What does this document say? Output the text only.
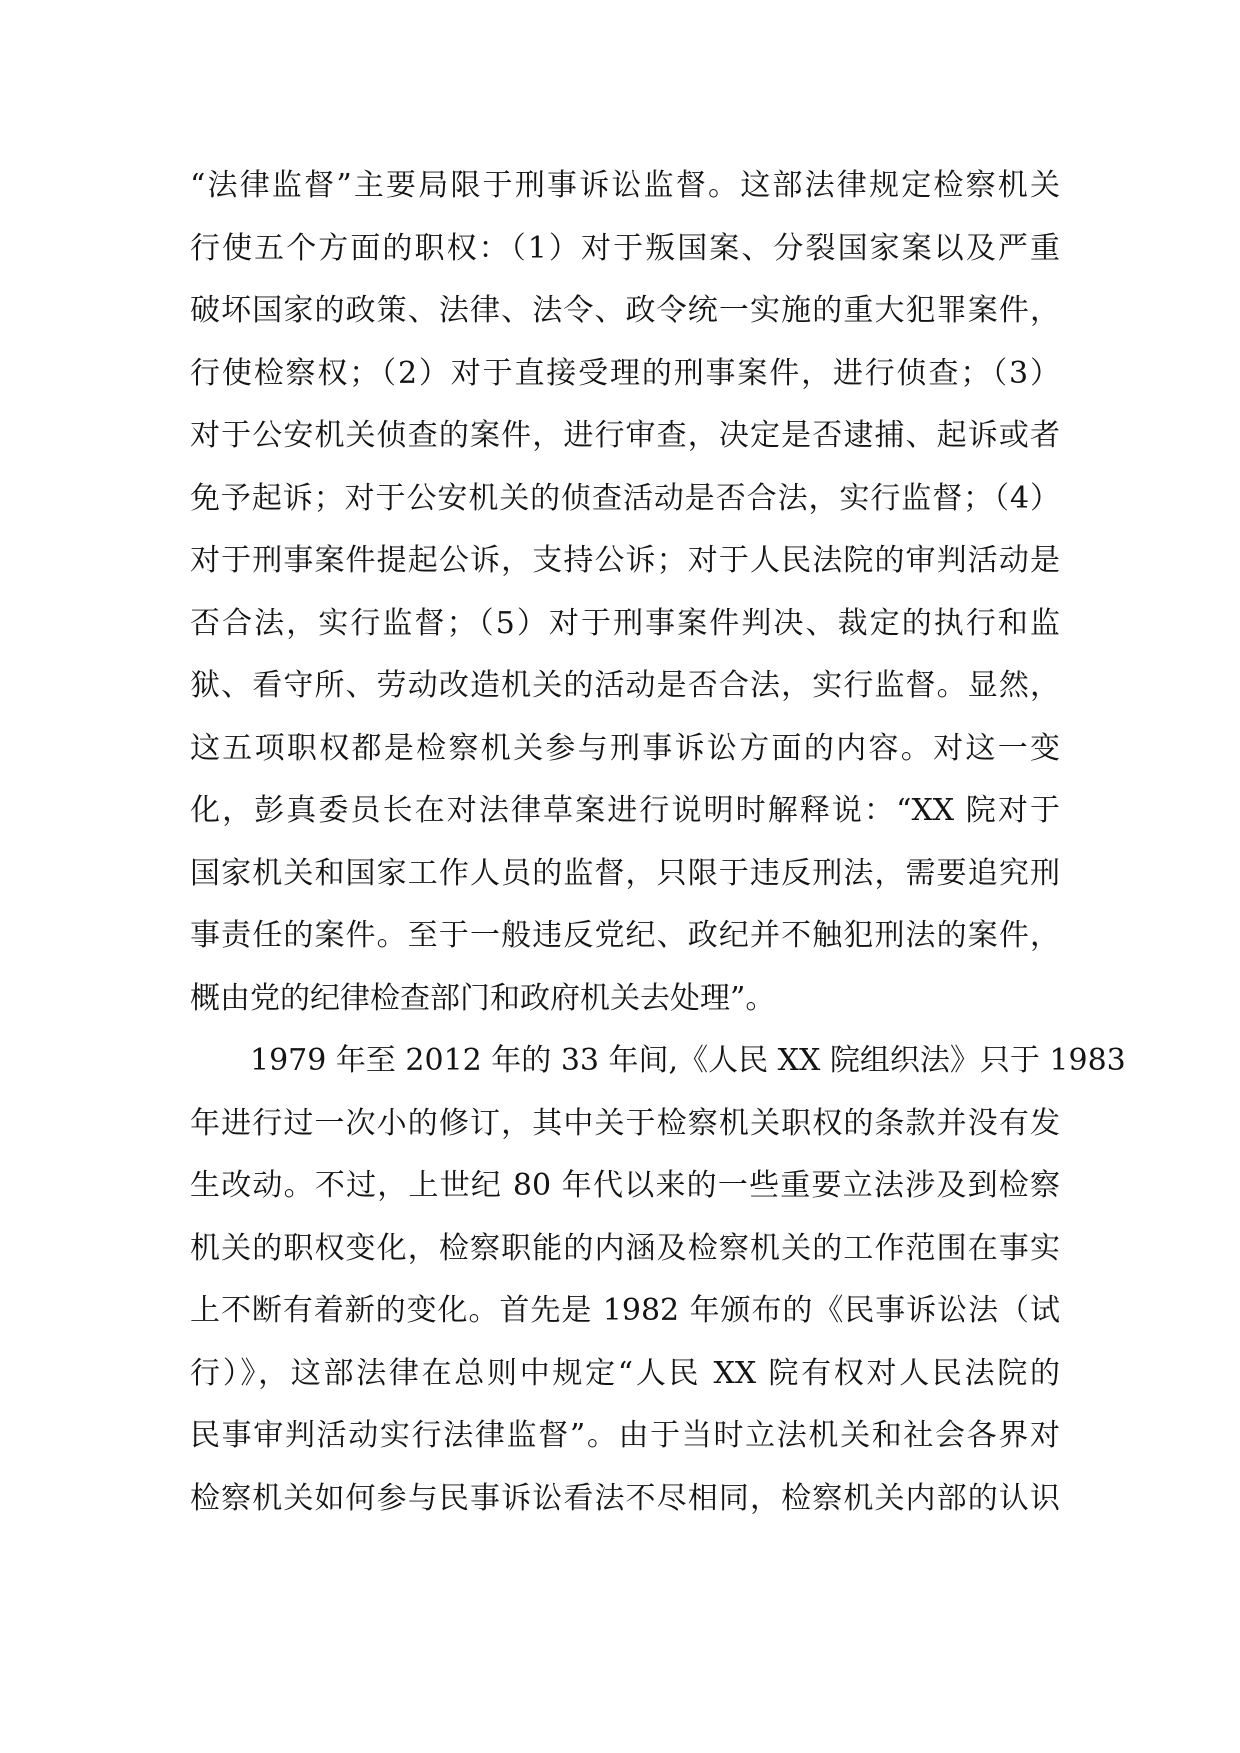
“法律监督”主要局限于刑事诉讼监督。这部法律规定检察机关
行使五个方面的职权：（1）对于叛国案、分裂国家案以及严重
破坏国家的政策、法律、法令、政令统一实施的重大犯罪案件，
行使检察权；（2）对于直接受理的刑事案件，进行侦查；（3）
对于公安机关侦查的案件，进行审查，决定是否逮捕、起诉或者
免予起诉；对于公安机关的侦查活动是否合法，实行监督；（4）
对于刑事案件提起公诉，支持公诉；对于人民法院的审判活动是
否合法，实行监督；（5）对于刑事案件判决、裁定的执行和监
狱、看守所、劳动改造机关的活动是否合法，实行监督。显然，
这五项职权都是检察机关参与刑事诉讼方面的内容。对这一变
化，彭真委员长在对法律草案进行说明时解释说：“XX 院对于
国家机关和国家工作人员的监督，只限于违反刑法，需要追究刑
事责任的案件。至于一般违反党纪、政纪并不触犯刑法的案件，
概由党的纪律检查部门和政府机关去处理”。
1979 年至 2012 年的 33 年间,《人民 XX 院组织法》只于 1983
年进行过一次小的修订，其中关于检察机关职权的条款并没有发
生改动。不过，上世纪 80 年代以来的一些重要立法涉及到检察
机关的职权变化，检察职能的内涵及检察机关的工作范围在事实
上不断有着新的变化。首先是 1982 年颁布的《民事诉讼法（试
行）》，这部法律在总则中规定“人民 XX 院有权对人民法院的
民事审判活动实行法律监督”。由于当时立法机关和社会各界对
检察机关如何参与民事诉讼看法不尽相同，检察机关内部的认识
